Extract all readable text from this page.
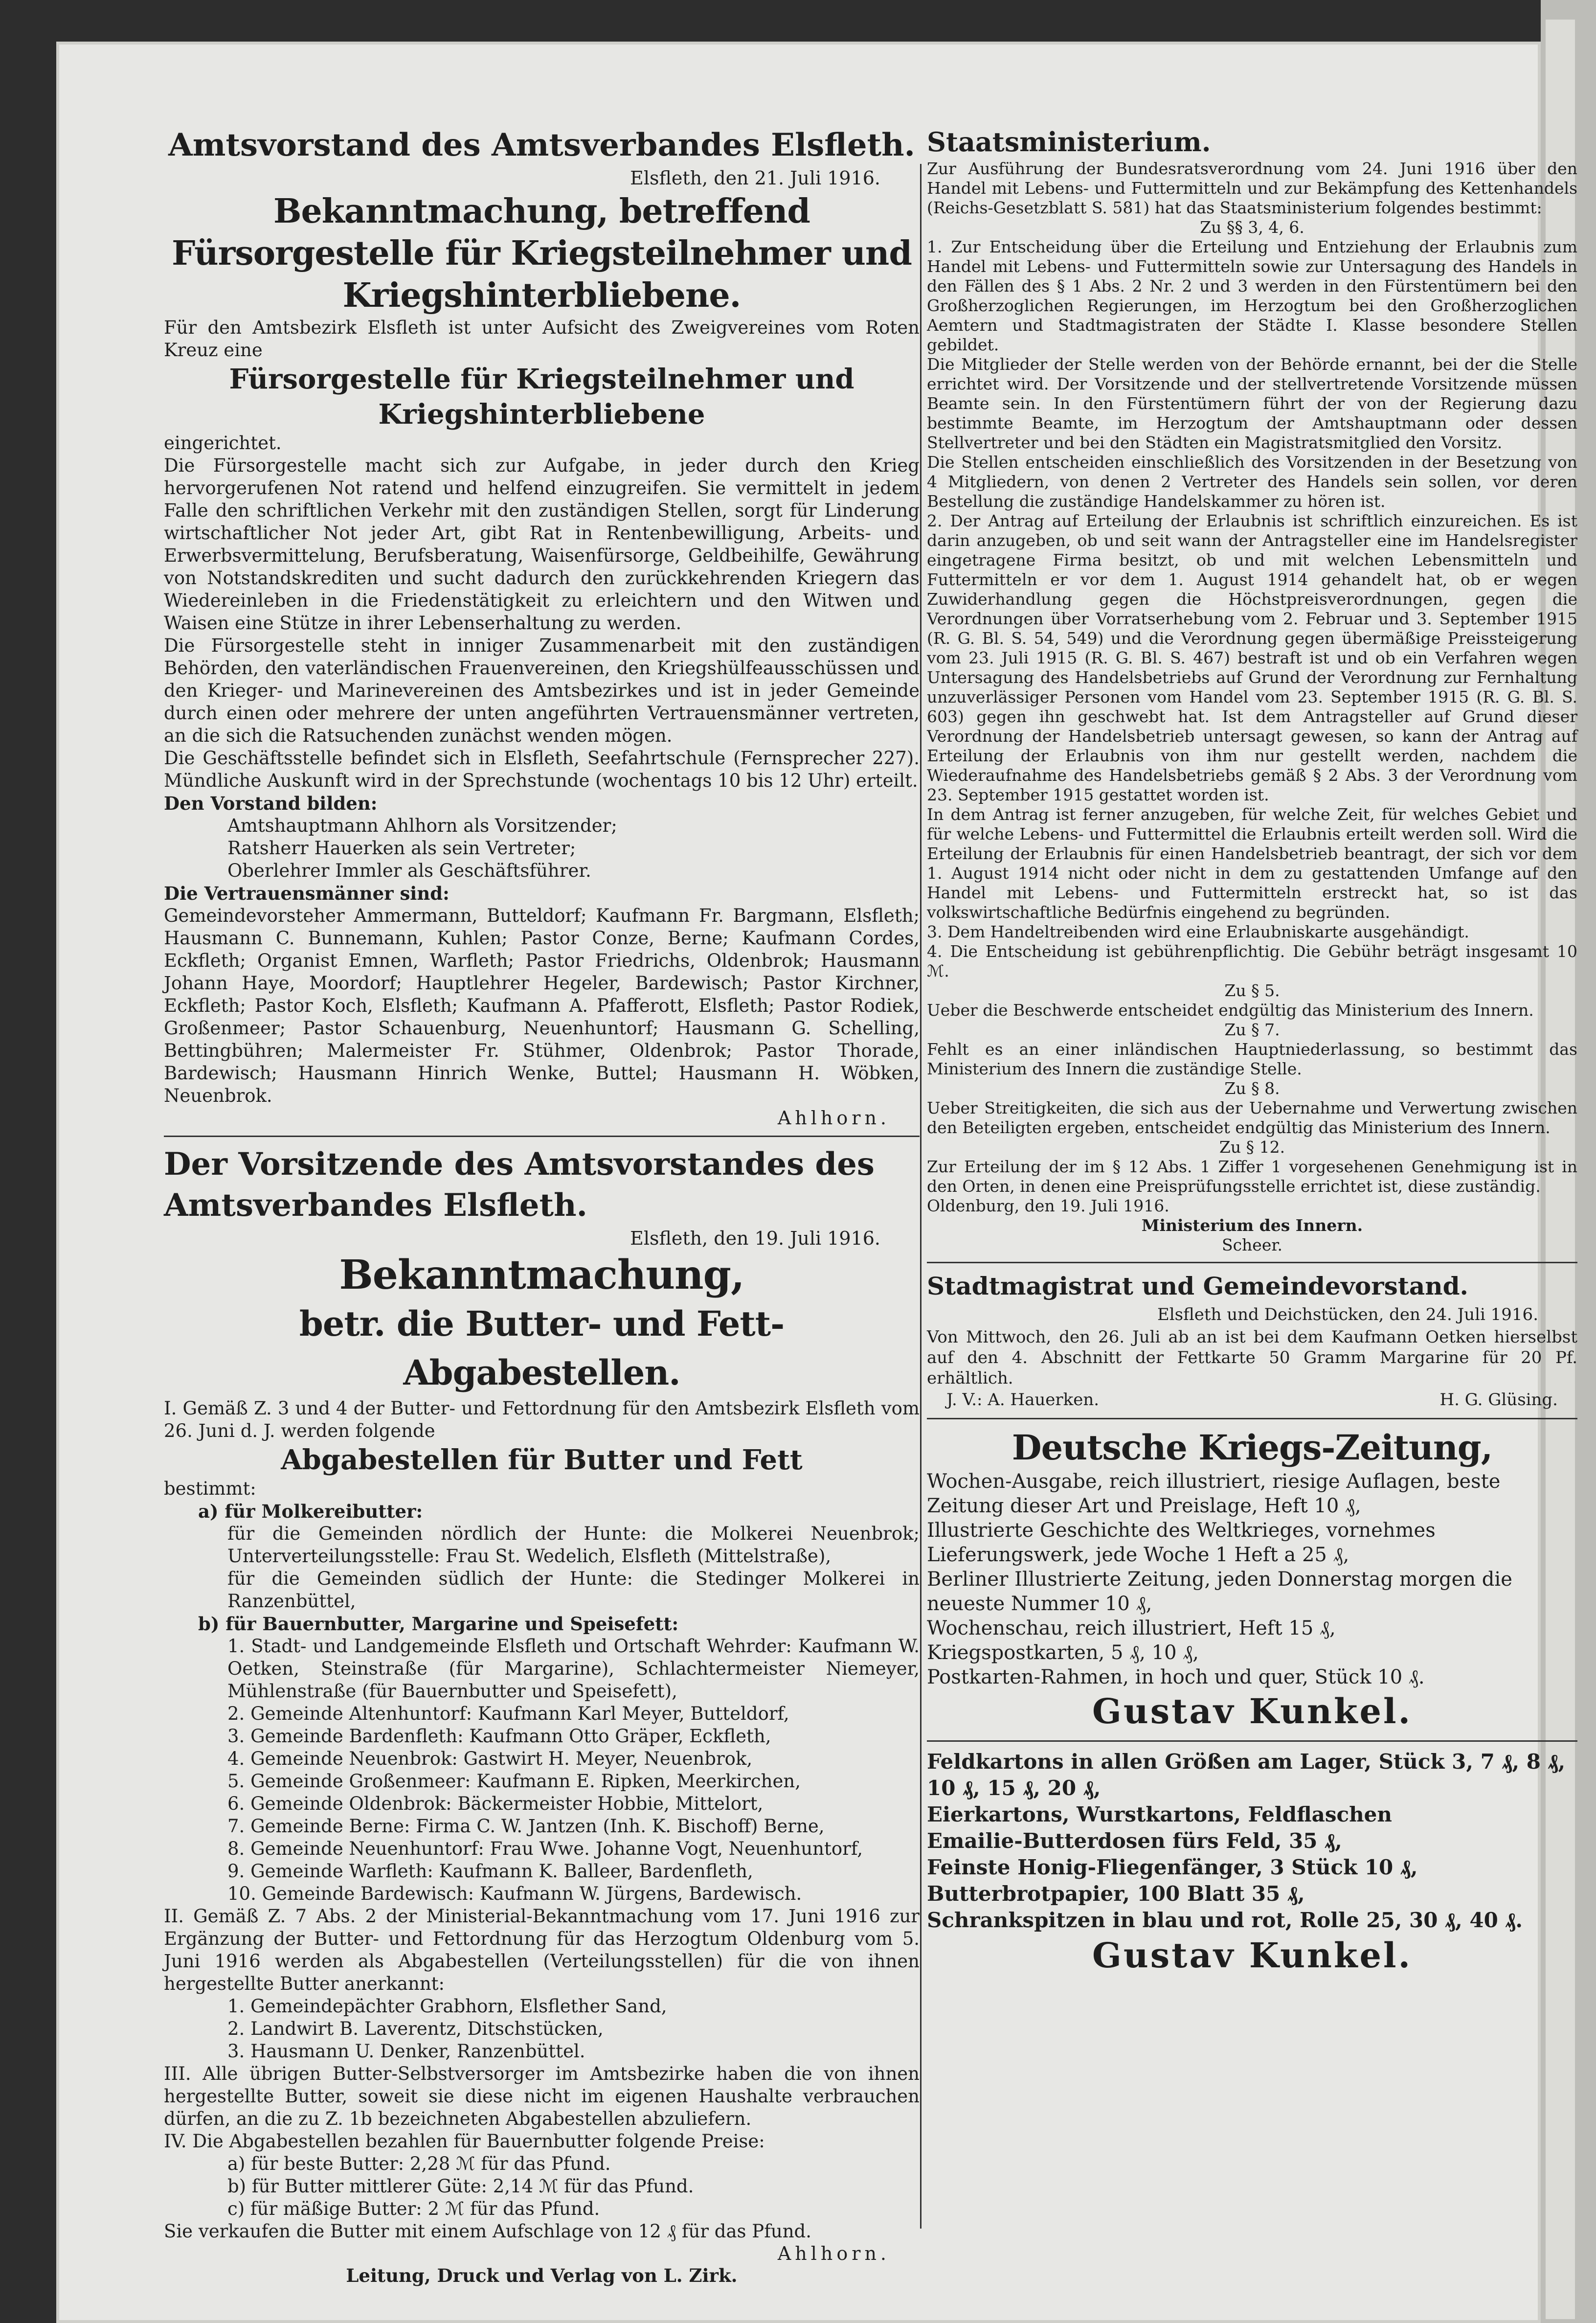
Amtsvorstand des Amtsverbandes Elsfleth.
Elsfleth, den 21. Juli 1916.
Bekanntmachung, betreffend Fürsorgestelle für Kriegsteilnehmer und Kriegshinterbliebene.

Für den Amtsbezirk Elsfleth ist unter Aufsicht des Zweigvereines vom Roten Kreuz eine

Fürsorgestelle für Kriegsteilnehmer und Kriegshinterbliebene

eingerichtet.

Die Fürsorgestelle macht sich zur Aufgabe, in jeder durch den Krieg hervorgerufenen Not ratend und helfend einzugreifen. Sie vermittelt in jedem Falle den schriftlichen Verkehr mit den zuständigen Stellen, sorgt für Linderung wirtschaftlicher Not jeder Art, gibt Rat in Rentenbewilligung, Arbeits- und Erwerbsvermittelung, Berufsberatung, Waisenfürsorge, Geldbeihilfe, Gewährung von Notstandskrediten und sucht dadurch den zurückkehrenden Kriegern das Wiedereinleben in die Friedenstätigkeit zu erleichtern und den Witwen und Waisen eine Stütze in ihrer Lebenserhaltung zu werden.

Die Fürsorgestelle steht in inniger Zusammenarbeit mit den zuständigen Behörden, den vaterländischen Frauenvereinen, den Kriegshülfeausschüssen und den Krieger- und Marinevereinen des Amtsbezirkes und ist in jeder Gemeinde durch einen oder mehrere der unten angeführten Vertrauensmänner vertreten, an die sich die Ratsuchenden zunächst wenden mögen.

Die Geschäftsstelle befindet sich in Elsfleth, Seefahrtschule (Fernsprecher 227). Mündliche Auskunft wird in der Sprechstunde (wochentags 10 bis 12 Uhr) erteilt.

Den Vorstand bilden:

Amtshauptmann Ahlhorn als Vorsitzender;

Ratsherr Hauerken als sein Vertreter;

Oberlehrer Immler als Geschäftsführer.

Die Vertrauensmänner sind:

Gemeindevorsteher Ammermann, Butteldorf; Kaufmann Fr. Bargmann, Elsfleth; Hausmann C. Bunnemann, Kuhlen; Pastor Conze, Berne; Kaufmann Cordes, Eckfleth; Organist Emnen, Warfleth; Pastor Friedrichs, Oldenbrok; Hausmann Johann Haye, Moordorf; Hauptlehrer Hegeler, Bardewisch; Pastor Kirchner, Eckfleth; Pastor Koch, Elsfleth; Kaufmann A. Pfafferott, Elsfleth; Pastor Rodiek, Großenmeer; Pastor Schauenburg, Neuenhuntorf; Hausmann G. Schelling, Bettingbühren; Malermeister Fr. Stühmer, Oldenbrok; Pastor Thorade, Bardewisch; Hausmann Hinrich Wenke, Buttel; Hausmann H. Wöbken, Neuenbrok.

Ahlhorn.
Der Vorsitzende des Amtsvorstandes des Amtsverbandes Elsfleth.
Elsfleth, den 19. Juli 1916.
Bekanntmachung,
betr. die Butter- und Fett-Abgabestellen.

I. Gemäß Z. 3 und 4 der Butter- und Fettordnung für den Amtsbezirk Elsfleth vom 26. Juni d. J. werden folgende

Abgabestellen für Butter und Fett

bestimmt:

a) für Molkereibutter:

für die Gemeinden nördlich der Hunte: die Molkerei Neuenbrok; Unterverteilungsstelle: Frau St. Wedelich, Elsfleth (Mittelstraße),

für die Gemeinden südlich der Hunte: die Stedinger Molkerei in Ranzenbüttel,

b) für Bauernbutter, Margarine und Speisefett:

1. Stadt- und Landgemeinde Elsfleth und Ortschaft Wehrder: Kaufmann W. Oetken, Steinstraße (für Margarine), Schlachtermeister Niemeyer, Mühlenstraße (für Bauernbutter und Speisefett),

2. Gemeinde Altenhuntorf: Kaufmann Karl Meyer, Butteldorf,

3. Gemeinde Bardenfleth: Kaufmann Otto Gräper, Eckfleth,

4. Gemeinde Neuenbrok: Gastwirt H. Meyer, Neuenbrok,

5. Gemeinde Großenmeer: Kaufmann E. Ripken, Meerkirchen,

6. Gemeinde Oldenbrok: Bäckermeister Hobbie, Mittelort,

7. Gemeinde Berne: Firma C. W. Jantzen (Inh. K. Bischoff) Berne,

8. Gemeinde Neuenhuntorf: Frau Wwe. Johanne Vogt, Neuenhuntorf,

9. Gemeinde Warfleth: Kaufmann K. Balleer, Bardenfleth,

10. Gemeinde Bardewisch: Kaufmann W. Jürgens, Bardewisch.

II. Gemäß Z. 7 Abs. 2 der Ministerial-Bekanntmachung vom 17. Juni 1916 zur Ergänzung der Butter- und Fettordnung für das Herzogtum Oldenburg vom 5. Juni 1916 werden als Abgabestellen (Verteilungsstellen) für die von ihnen hergestellte Butter anerkannt:

1. Gemeindepächter Grabhorn, Elsflether Sand,

2. Landwirt B. Laverentz, Ditschstücken,

3. Hausmann U. Denker, Ranzenbüttel.

III. Alle übrigen Butter-Selbstversorger im Amtsbezirke haben die von ihnen hergestellte Butter, soweit sie diese nicht im eigenen Haushalte verbrauchen dürfen, an die zu Z. 1b bezeichneten Abgabestellen abzuliefern.

IV. Die Abgabestellen bezahlen für Bauernbutter folgende Preise:

a) für beste Butter: 2,28 ℳ für das Pfund.

b) für Butter mittlerer Güte: 2,14 ℳ für das Pfund.

c) für mäßige Butter: 2 ℳ für das Pfund.

Sie verkaufen die Butter mit einem Aufschlage von 12 ₰ für das Pfund.

Ahlhorn.
Leitung, Druck und Verlag von L. Zirk.
Staatsministerium.

Zur Ausführung der Bundesratsverordnung vom 24. Juni 1916 über den Handel mit Lebens- und Futtermitteln und zur Bekämpfung des Kettenhandels (Reichs-Gesetzblatt S. 581) hat das Staatsministerium folgendes bestimmt:

Zu §§ 3, 4, 6.

1. Zur Entscheidung über die Erteilung und Entziehung der Erlaubnis zum Handel mit Lebens- und Futtermitteln sowie zur Untersagung des Handels in den Fällen des § 1 Abs. 2 Nr. 2 und 3 werden in den Fürstentümern bei den Großherzoglichen Regierungen, im Herzogtum bei den Großherzoglichen Aemtern und Stadtmagistraten der Städte I. Klasse besondere Stellen gebildet.

Die Mitglieder der Stelle werden von der Behörde ernannt, bei der die Stelle errichtet wird. Der Vorsitzende und der stellvertretende Vorsitzende müssen Beamte sein. In den Fürstentümern führt der von der Regierung dazu bestimmte Beamte, im Herzogtum der Amtshauptmann oder dessen Stellvertreter und bei den Städten ein Magistratsmitglied den Vorsitz.

Die Stellen entscheiden einschließlich des Vorsitzenden in der Besetzung von 4 Mitgliedern, von denen 2 Vertreter des Handels sein sollen, vor deren Bestellung die zuständige Handelskammer zu hören ist.

2. Der Antrag auf Erteilung der Erlaubnis ist schriftlich einzureichen. Es ist darin anzugeben, ob und seit wann der Antragsteller eine im Handelsregister eingetragene Firma besitzt, ob und mit welchen Lebensmitteln und Futtermitteln er vor dem 1. August 1914 gehandelt hat, ob er wegen Zuwiderhandlung gegen die Höchstpreisverordnungen, gegen die Verordnungen über Vorratserhebung vom 2. Februar und 3. September 1915 (R. G. Bl. S. 54, 549) und die Verordnung gegen übermäßige Preissteigerung vom 23. Juli 1915 (R. G. Bl. S. 467) bestraft ist und ob ein Verfahren wegen Untersagung des Handelsbetriebs auf Grund der Verordnung zur Fernhaltung unzuverlässiger Personen vom Handel vom 23. September 1915 (R. G. Bl. S. 603) gegen ihn geschwebt hat. Ist dem Antragsteller auf Grund dieser Verordnung der Handelsbetrieb untersagt gewesen, so kann der Antrag auf Erteilung der Erlaubnis von ihm nur gestellt werden, nachdem die Wiederaufnahme des Handelsbetriebs gemäß § 2 Abs. 3 der Verordnung vom 23. September 1915 gestattet worden ist.

In dem Antrag ist ferner anzugeben, für welche Zeit, für welches Gebiet und für welche Lebens- und Futtermittel die Erlaubnis erteilt werden soll. Wird die Erteilung der Erlaubnis für einen Handelsbetrieb beantragt, der sich vor dem 1. August 1914 nicht oder nicht in dem zu gestattenden Umfange auf den Handel mit Lebens- und Futtermitteln erstreckt hat, so ist das volkswirtschaftliche Bedürfnis eingehend zu begründen.

3. Dem Handeltreibenden wird eine Erlaubniskarte ausgehändigt.

4. Die Entscheidung ist gebührenpflichtig. Die Gebühr beträgt insgesamt 10 ℳ.

Zu § 5.

Ueber die Beschwerde entscheidet endgültig das Ministerium des Innern.

Zu § 7.

Fehlt es an einer inländischen Hauptniederlassung, so bestimmt das Ministerium des Innern die zuständige Stelle.

Zu § 8.

Ueber Streitigkeiten, die sich aus der Uebernahme und Verwertung zwischen den Beteiligten ergeben, entscheidet endgültig das Ministerium des Innern.

Zu § 12.

Zur Erteilung der im § 12 Abs. 1 Ziffer 1 vorgesehenen Genehmigung ist in den Orten, in denen eine Preisprüfungsstelle errichtet ist, diese zuständig.

Oldenburg, den 19. Juli 1916.

Ministerium des Innern.
Scheer.
Stadtmagistrat und Gemeindevorstand.
Elsfleth und Deichstücken, den 24. Juli 1916.

Von Mittwoch, den 26. Juli ab an ist bei dem Kaufmann Oetken hierselbst auf den 4. Abschnitt der Fettkarte 50 Gramm Margarine für 20 Pf. erhältlich.

J. V.: A. Hauerken.	H. G. Glüsing.
Deutsche Kriegs-Zeitung,

Wochen-Ausgabe, reich illustriert, riesige Auflagen, beste Zeitung dieser Art und Preislage, Heft 10 ₰,

Illustrierte Geschichte des Weltkrieges, vornehmes Lieferungswerk, jede Woche 1 Heft a 25 ₰,

Berliner Illustrierte Zeitung, jeden Donnerstag morgen die neueste Nummer 10 ₰,

Wochenschau, reich illustriert, Heft 15 ₰,

Kriegspostkarten, 5 ₰, 10 ₰,

Postkarten-Rahmen, in hoch und quer, Stück 10 ₰.

Gustav Kunkel.

Feldkartons in allen Größen am Lager, Stück 3, 7 ₰, 8 ₰, 10 ₰, 15 ₰, 20 ₰,

Eierkartons, Wurstkartons, Feldflaschen

Emailie-Butterdosen fürs Feld, 35 ₰,

Feinste Honig-Fliegenfänger, 3 Stück 10 ₰,

Butterbrotpapier, 100 Blatt 35 ₰,

Schrankspitzen in blau und rot, Rolle 25, 30 ₰, 40 ₰.

Gustav Kunkel.
